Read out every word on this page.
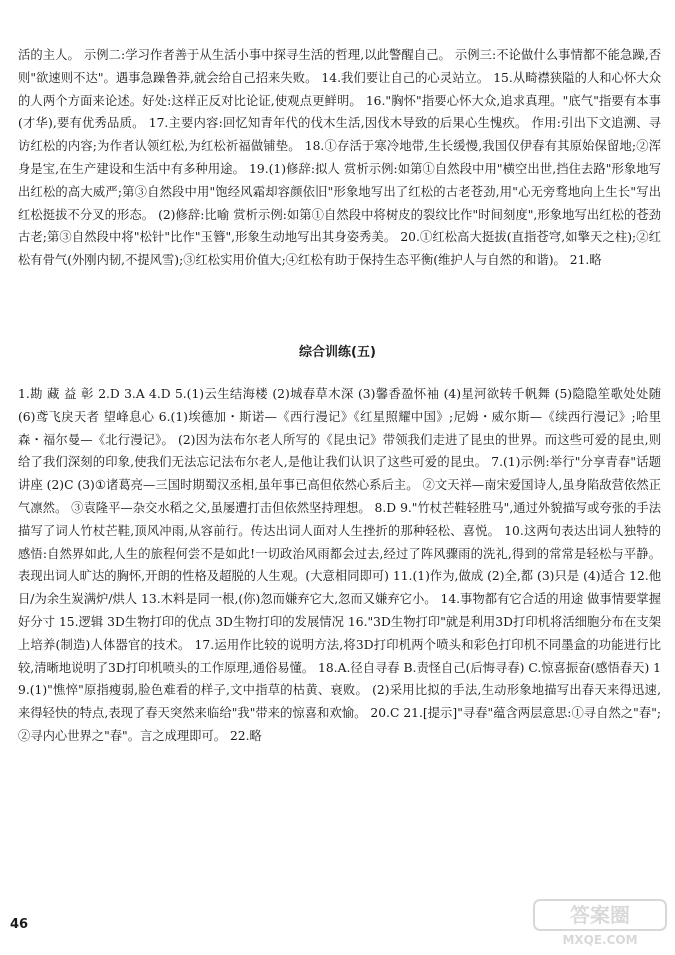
活的主人。 示例二:学习作者善于从生活小事中探寻生活的哲理,以此警醒自己。 示例三:不论做什么事情都不能急躁,否则"欲速则不达"。遇事急躁鲁莽,就会给自己招来失败。 14.我们要让自己的心灵站立。 15.从畸襟狭隘的人和心怀大众的人两个方面来论述。好处:这样正反对比论证,使观点更鲜明。 16."胸怀"指要心怀大众,追求真理。"底气"指要有本事(才华),要有优秀品质。 17.主要内容:回忆知青年代的伐木生活,因伐木导致的后果心生愧疚。 作用:引出下文追溯、寻访红松的内容;为作者认领红松,为红松祈福做铺垫。 18.①存活于寒冷地带,生长缓慢,我国仅伊春有其原始保留地;②浑身是宝,在生产建设和生活中有多种用途。 19.(1)修辞:拟人 赏析示例:如第①自然段中用"横空出世,挡住去路"形象地写出红松的高大威严;第③自然段中用"饱经风霜却容颜依旧"形象地写出了红松的古老苍劲,用"心无旁骛地向上生长"写出红松挺拔不分叉的形态。 (2)修辞:比喻 赏析示例:如第①自然段中将树皮的裂纹比作"时间刻度",形象地写出红松的苍劲古老;第③自然段中将"松针"比作"玉簪",形象生动地写出其身姿秀美。 20.①红松高大挺拔(直指苍穹,如擎天之柱);②红松有骨气(外刚内韧,不提风雪);③红松实用价值大;④红松有助于保持生态平衡(维护人与自然的和谐)。 21.略
综合训练(五)
1.勘 藏 益 彰 2.D 3.A 4.D 5.(1)云生结海楼 (2)城春草木深 (3)馨香盈怀袖 (4)星河欲转千帆舞 (5)隐隐笙歌处处随 (6)鸢飞戾天者 望峰息心 6.(1)埃德加・斯诺—《西行漫记》《红星照耀中国》;尼姆・威尔斯—《续西行漫记》;哈里森・福尔曼—《北行漫记》。 (2)因为法布尔老人所写的《昆虫记》带领我们走进了昆虫的世界。而这些可爱的昆虫,则给了我们深刻的印象,使我们无法忘记法布尔老人,是他让我们认识了这些可爱的昆虫。 7.(1)示例:举行"分享青春"话题讲座 (2)C (3)①诸葛亮—三国时期蜀汉丞相,虽年事已高但依然心系后主。 ②文天祥—南宋爱国诗人,虽身陷敌营依然正气凛然。 ③袁隆平—杂交水稻之父,虽屡遭打击但依然坚持理想。 8.D 9."竹杖芒鞋轻胜马",通过外貌描写或夸张的手法描写了词人竹杖芒鞋,顶风冲雨,从容前行。传达出词人面对人生挫折的那种轻松、喜悦。 10.这两句表达出词人独特的感悟:自然界如此,人生的旅程何尝不是如此!一切政治风雨都会过去,经过了阵风骤雨的洗礼,得到的常常是轻松与平静。表现出词人旷达的胸怀,开朗的性格及超脱的人生观。(大意相同即可) 11.(1)作为,做成 (2)全,都 (3)只是 (4)适合 12.他日/为余生炭满炉/烘人 13.木料是同一根,(你)忽而嫌弃它大,忽而又嫌弃它小。 14.事物都有它合适的用途 做事情要掌握好分寸 15.逻辑 3D生物打印的优点 3D生物打印的发展情况 16."3D生物打印"就是利用3D打印机将活细胞分布在支架上培养(制造)人体器官的技术。 17.运用作比较的说明方法,将3D打印机两个喷头和彩色打印机不同墨盒的功能进行比较,清晰地说明了3D打印机喷头的工作原理,通俗易懂。 18.A.径自寻春 B.责怪自己(后悔寻春) C.惊喜振奋(感悟春天) 19.(1)"憔悴"原指瘦弱,脸色难看的样子,文中指草的枯黄、衰败。 (2)采用比拟的手法,生动形象地描写出春天来得迅速,来得轻快的特点,表现了春天突然来临给"我"带来的惊喜和欢愉。 20.C 21.[提示]"寻春"蕴含两层意思:①寻自然之"春";②寻内心世界之"春"。言之成理即可。 22.略
46	答案圈
MXQE.COM
